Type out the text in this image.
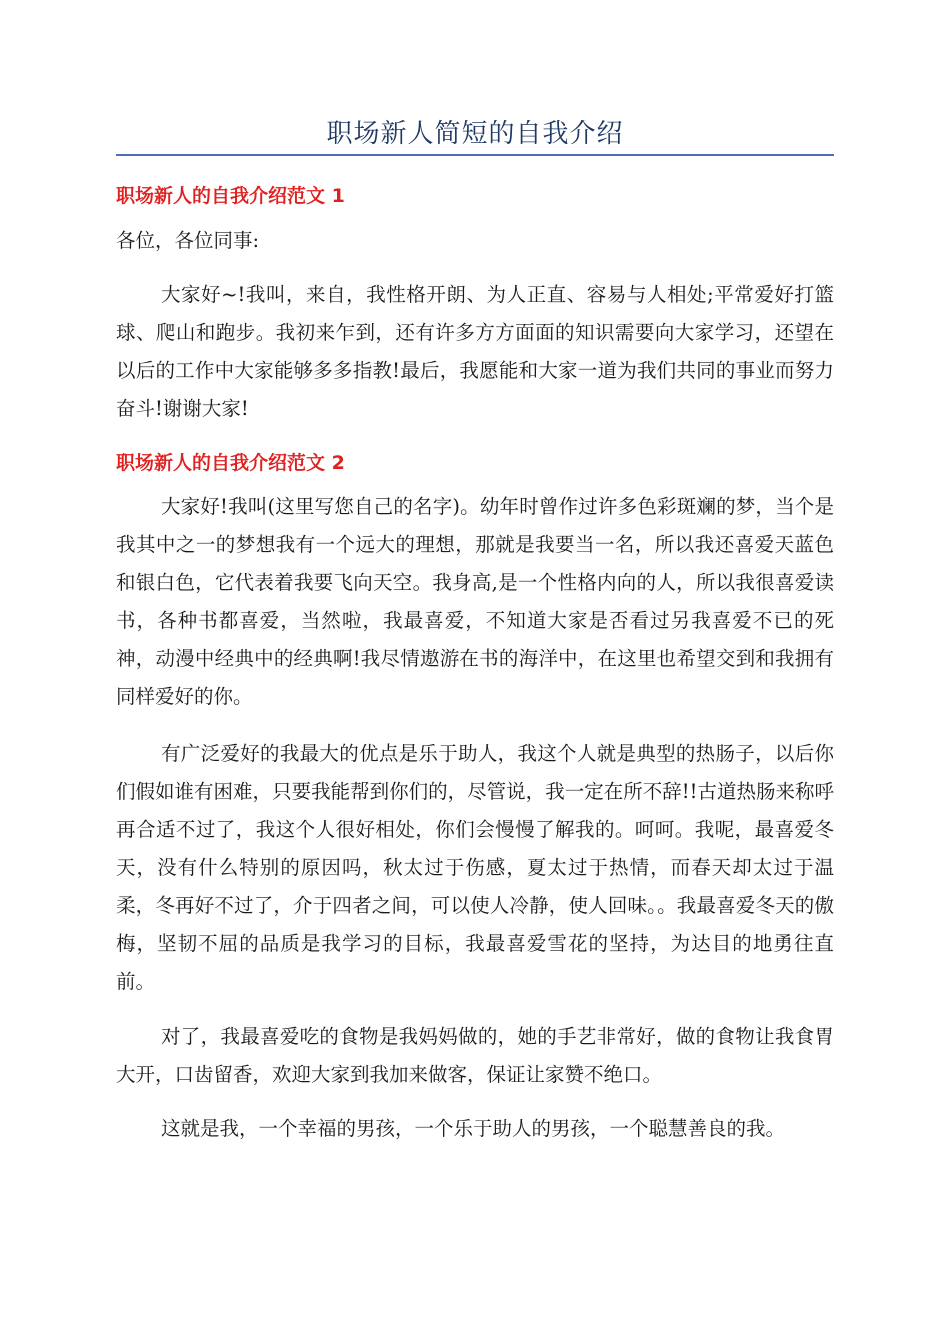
职场新人简短的自我介绍
职场新人的自我介绍范文 1
各位，各位同事:
大家好~!我叫，来自，我性格开朗、为人正直、容易与人相处;平常爱好打篮球、爬山和跑步。我初来乍到，还有许多方方面面的知识需要向大家学习，还望在以后的工作中大家能够多多指教!最后，我愿能和大家一道为我们共同的事业而努力奋斗!谢谢大家!
职场新人的自我介绍范文 2
大家好!我叫(这里写您自己的名字)。幼年时曾作过许多色彩斑斓的梦，当个是我其中之一的梦想我有一个远大的理想，那就是我要当一名，所以我还喜爱天蓝色和银白色，它代表着我要飞向天空。我身高,是一个性格内向的人，所以我很喜爱读书，各种书都喜爱，当然啦，我最喜爱，不知道大家是否看过另我喜爱不已的死神，动漫中经典中的经典啊!我尽情遨游在书的海洋中，在这里也希望交到和我拥有同样爱好的你。
有广泛爱好的我最大的优点是乐于助人，我这个人就是典型的热肠子，以后你们假如谁有困难，只要我能帮到你们的，尽管说，我一定在所不辞!!古道热肠来称呼再合适不过了，我这个人很好相处，你们会慢慢了解我的。呵呵。我呢，最喜爱冬天，没有什么特别的原因吗，秋太过于伤感，夏太过于热情，而春天却太过于温柔，冬再好不过了，介于四者之间，可以使人冷静，使人回味。。我最喜爱冬天的傲梅，坚韧不屈的品质是我学习的目标，我最喜爱雪花的坚持，为达目的地勇往直前。
对了，我最喜爱吃的食物是我妈妈做的，她的手艺非常好，做的食物让我食胃大开，口齿留香，欢迎大家到我加来做客，保证让家赞不绝口。
这就是我，一个幸福的男孩，一个乐于助人的男孩，一个聪慧善良的我。
